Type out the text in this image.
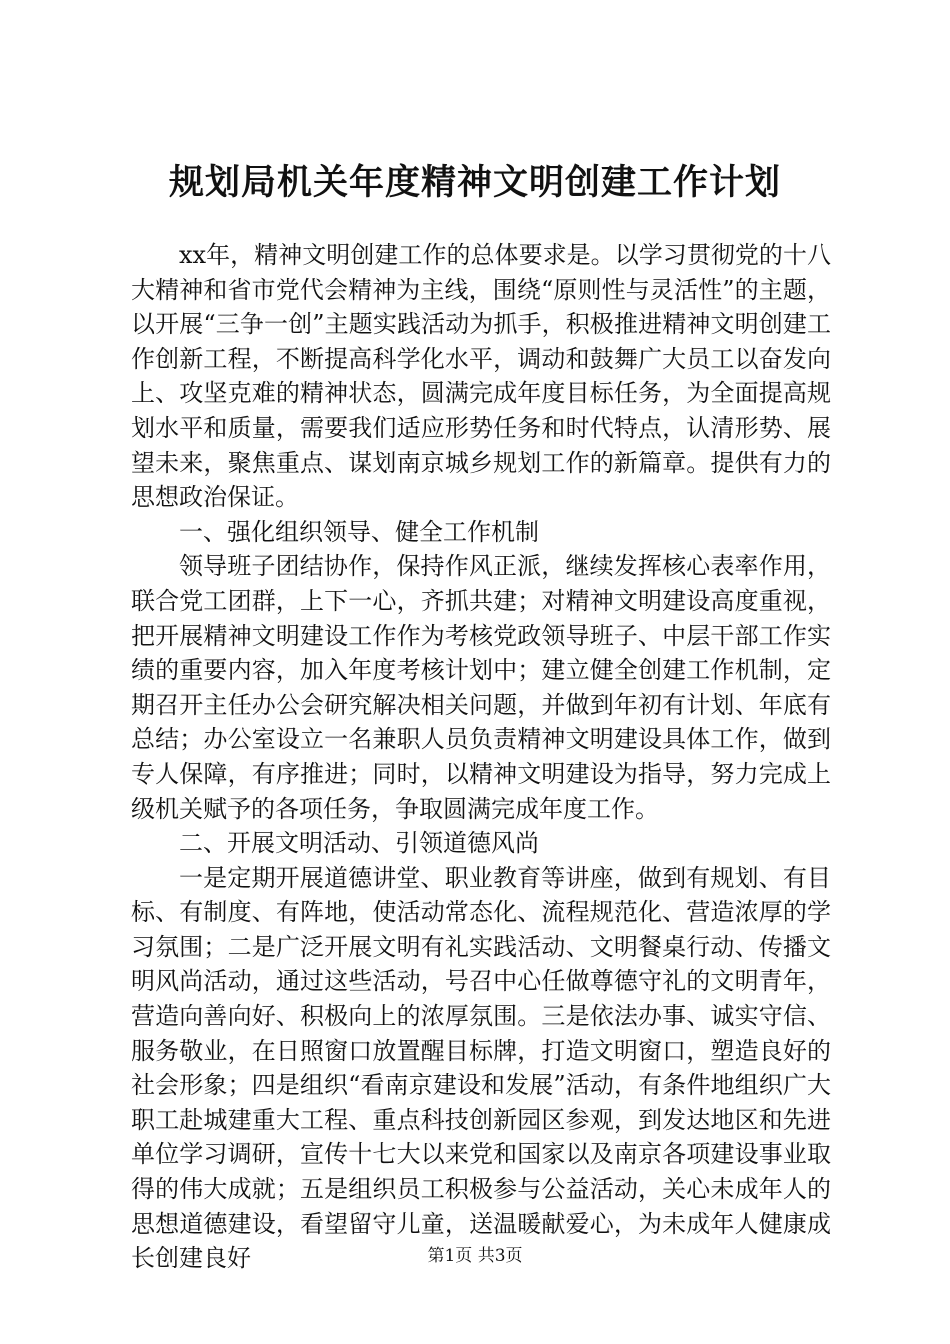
规划局机关年度精神文明创建工作计划

xx年，精神文明创建工作的总体要求是。以学习贯彻党的十八大精神和省市党代会精神为主线，围绕“原则性与灵活性”的主题，以开展“三争一创”主题实践活动为抓手，积极推进精神文明创建工作创新工程，不断提高科学化水平，调动和鼓舞广大员工以奋发向上、攻坚克难的精神状态，圆满完成年度目标任务，为全面提高规划水平和质量，需要我们适应形势任务和时代特点，认清形势、展望未来，聚焦重点、谋划南京城乡规划工作的新篇章。提供有力的思想政治保证。

一、强化组织领导、健全工作机制

领导班子团结协作，保持作风正派，继续发挥核心表率作用，联合党工团群，上下一心，齐抓共建；对精神文明建设高度重视，把开展精神文明建设工作作为考核党政领导班子、中层干部工作实绩的重要内容，加入年度考核计划中；建立健全创建工作机制，定期召开主任办公会研究解决相关问题，并做到年初有计划、年底有总结；办公室设立一名兼职人员负责精神文明建设具体工作，做到专人保障，有序推进；同时，以精神文明建设为指导，努力完成上级机关赋予的各项任务，争取圆满完成年度工作。

二、开展文明活动、引领道德风尚

一是定期开展道德讲堂、职业教育等讲座，做到有规划、有目标、有制度、有阵地，使活动常态化、流程规范化、营造浓厚的学习氛围；二是广泛开展文明有礼实践活动、文明餐桌行动、传播文明风尚活动，通过这些活动，号召中心任做尊德守礼的文明青年，营造向善向好、积极向上的浓厚氛围。三是依法办事、诚实守信、服务敬业，在日照窗口放置醒目标牌，打造文明窗口，塑造良好的社会形象；四是组织“看南京建设和发展”活动，有条件地组织广大职工赴城建重大工程、重点科技创新园区参观，到发达地区和先进单位学习调研，宣传十七大以来党和国家以及南京各项建设事业取得的伟大成就；五是组织员工积极参与公益活动，关心未成年人的思想道德建设，看望留守儿童，送温暖献爱心，为未成年人健康成长创建良好	第1页 共3页
